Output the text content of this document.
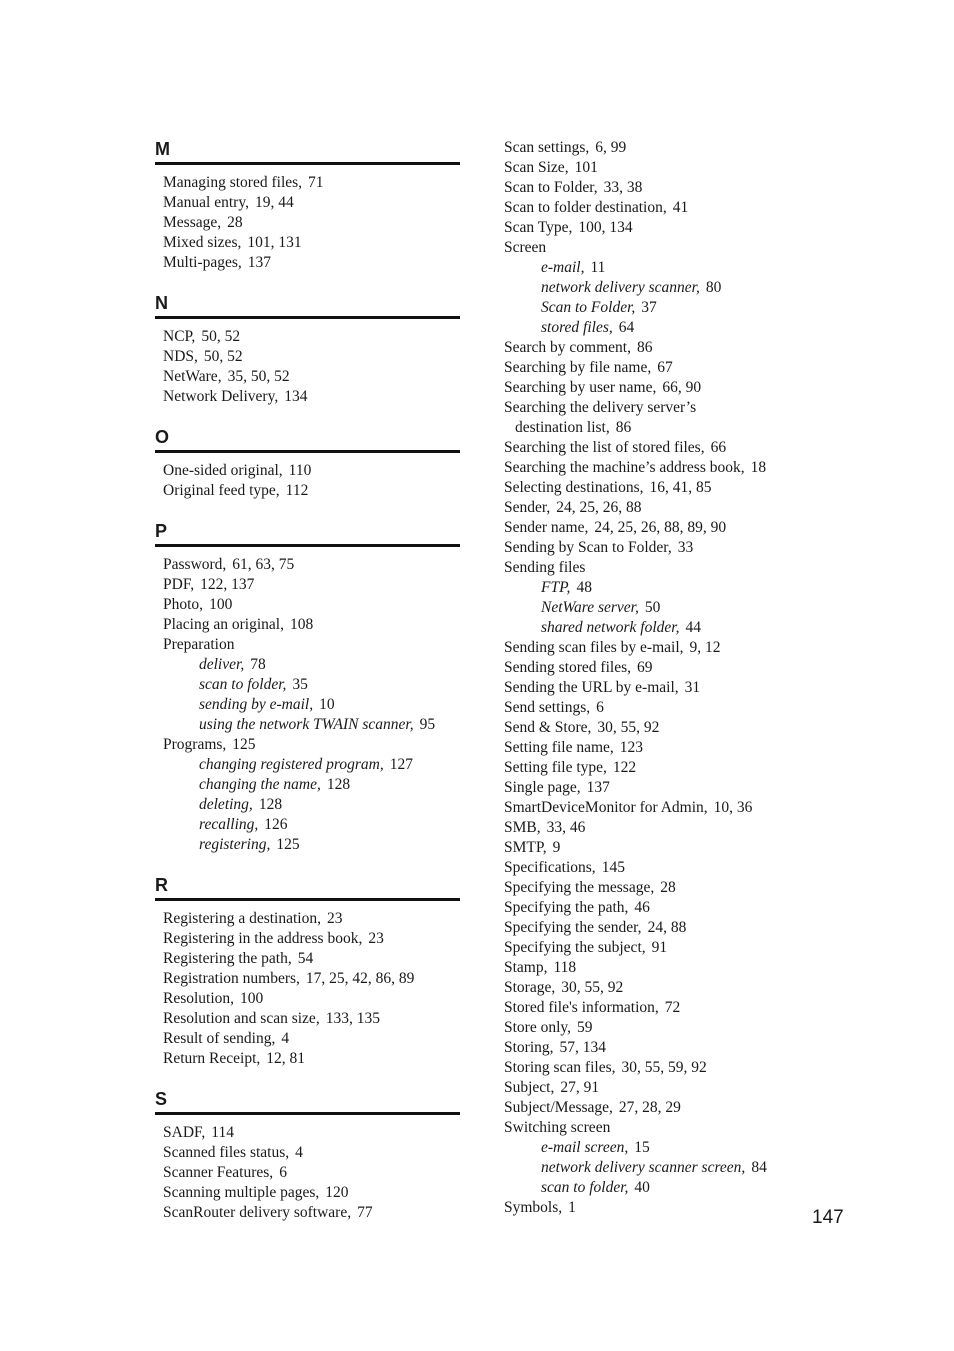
M
Managing stored files, 71
Manual entry, 19, 44
Message, 28
Mixed sizes, 101, 131
Multi-pages, 137
N
NCP, 50, 52
NDS, 50, 52
NetWare, 35, 50, 52
Network Delivery, 134
O
One-sided original, 110
Original feed type, 112
P
Password, 61, 63, 75
PDF, 122, 137
Photo, 100
Placing an original, 108
Preparation
deliver, 78
scan to folder, 35
sending by e-mail, 10
using the network TWAIN scanner, 95
Programs, 125
changing registered program, 127
changing the name, 128
deleting, 128
recalling, 126
registering, 125
R
Registering a destination, 23
Registering in the address book, 23
Registering the path, 54
Registration numbers, 17, 25, 42, 86, 89
Resolution, 100
Resolution and scan size, 133, 135
Result of sending, 4
Return Receipt, 12, 81
S
SADF, 114
Scanned files status, 4
Scanner Features, 6
Scanning multiple pages, 120
ScanRouter delivery software, 77
Scan settings, 6, 99
Scan Size, 101
Scan to Folder, 33, 38
Scan to folder destination, 41
Scan Type, 100, 134
Screen
e-mail, 11
network delivery scanner, 80
Scan to Folder, 37
stored files, 64
Search by comment, 86
Searching by file name, 67
Searching by user name, 66, 90
Searching the delivery server’s
destination list, 86
Searching the list of stored files, 66
Searching the machine’s address book, 18
Selecting destinations, 16, 41, 85
Sender, 24, 25, 26, 88
Sender name, 24, 25, 26, 88, 89, 90
Sending by Scan to Folder, 33
Sending files
FTP, 48
NetWare server, 50
shared network folder, 44
Sending scan files by e-mail, 9, 12
Sending stored files, 69
Sending the URL by e-mail, 31
Send settings, 6
Send & Store, 30, 55, 92
Setting file name, 123
Setting file type, 122
Single page, 137
SmartDeviceMonitor for Admin, 10, 36
SMB, 33, 46
SMTP, 9
Specifications, 145
Specifying the message, 28
Specifying the path, 46
Specifying the sender, 24, 88
Specifying the subject, 91
Stamp, 118
Storage, 30, 55, 92
Stored file's information, 72
Store only, 59
Storing, 57, 134
Storing scan files, 30, 55, 59, 92
Subject, 27, 91
Subject/Message, 27, 28, 29
Switching screen
e-mail screen, 15
network delivery scanner screen, 84
scan to folder, 40
Symbols, 1	147
